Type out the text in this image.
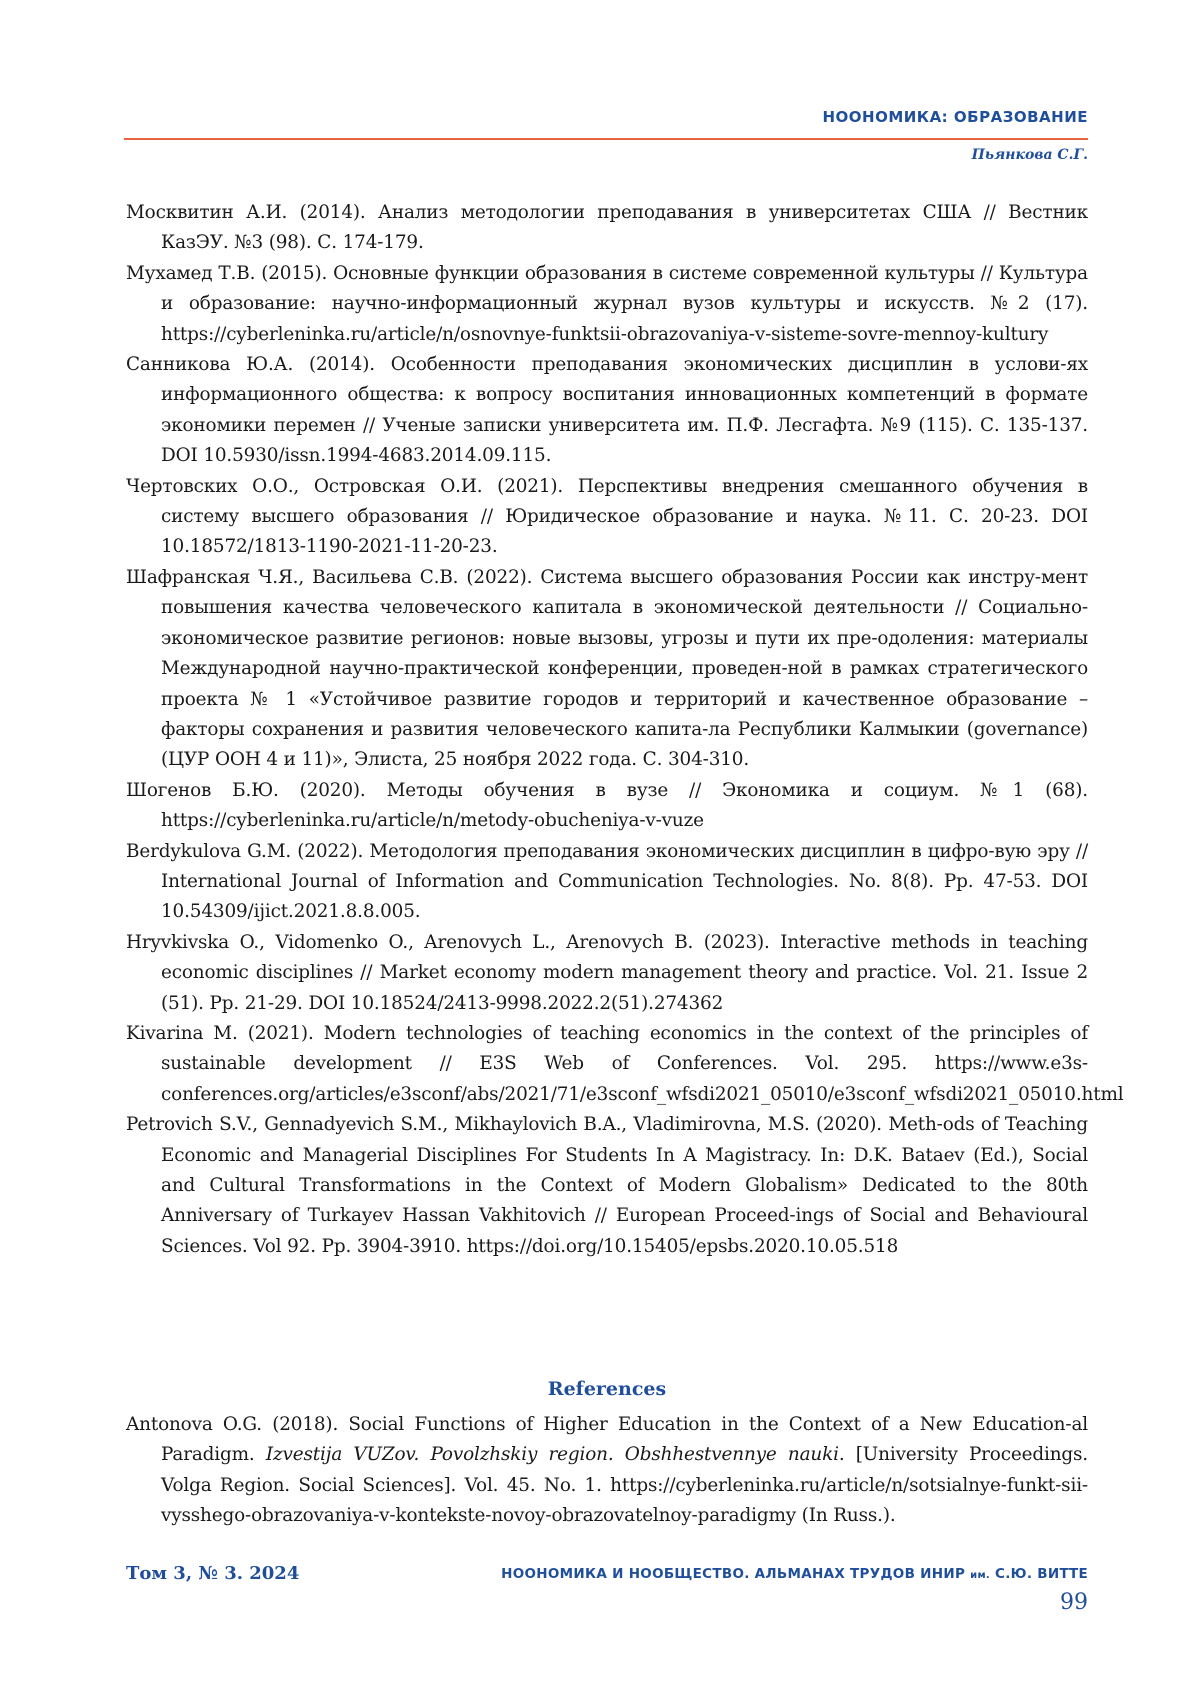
НООНОМИКА: ОБРАЗОВАНИЕ
Пьянкова С.Г.
Москвитин А.И. (2014). Анализ методологии преподавания в университетах США // Вестник КазЭУ. №3 (98). С. 174-179.
Мухамед Т.В. (2015). Основные функции образования в системе современной культуры // Культура и образование: научно-информационный журнал вузов культуры и искусств. №2 (17). https://cyberleninka.ru/article/n/osnovnye-funktsii-obrazovaniya-v-sisteme-sovre-mennoy-kultury
Санникова Ю.А. (2014). Особенности преподавания экономических дисциплин в услови-ях информационного общества: к вопросу воспитания инновационных компетенций в формате экономики перемен // Ученые записки университета им. П.Ф. Лесгафта. №9 (115). С. 135-137. DOI 10.5930/issn.1994-4683.2014.09.115.
Чертовских О.О., Островская О.И. (2021). Перспективы внедрения смешанного обучения в систему высшего образования // Юридическое образование и наука. №11. С. 20-23. DOI 10.18572/1813-1190-2021-11-20-23.
Шафранская Ч.Я., Васильева С.В. (2022). Система высшего образования России как инстру-мент повышения качества человеческого капитала в экономической деятельности // Социально-экономическое развитие регионов: новые вызовы, угрозы и пути их пре-одоления: материалы Международной научно-практической конференции, проведен-ной в рамках стратегического проекта № 1 «Устойчивое развитие городов и территорий и качественное образование – факторы сохранения и развития человеческого капита-ла Республики Калмыкии (governance) (ЦУР ООН 4 и 11)», Элиста, 25 ноября 2022 года. С. 304-310.
Шогенов Б.Ю. (2020). Методы обучения в вузе // Экономика и социум. №1 (68). https://cyberleninka.ru/article/n/metody-obucheniya-v-vuze
Berdykulova G.M. (2022). Методология преподавания экономических дисциплин в цифро-вую эру // International Journal of Information and Communication Technologies. No. 8(8). Pp. 47-53. DOI 10.54309/ijict.2021.8.8.005.
Hryvkivska O., Vidomenko O., Arenovych L., Arenovych B. (2023). Interactive methods in teaching economic disciplines // Market economy modern management theory and practice. Vol. 21. Issue 2 (51). Pp. 21-29. DOI 10.18524/2413-9998.2022.2(51).274362
Kivarina M. (2021). Modern technologies of teaching economics in the context of the principles of sustainable development // E3S Web of Conferences. Vol. 295. https://www.e3s-conferences.org/articles/e3sconf/abs/2021/71/e3sconf_wfsdi2021_05010/e3sconf_wfsdi2021_05010.html
Petrovich S.V., Gennadyevich S.M., Mikhaylovich B.A., Vladimirovna, M.S. (2020). Meth-ods of Teaching Economic and Managerial Disciplines For Students In A Magistracy. In: D.K. Bataev (Ed.), Social and Cultural Transformations in the Context of Modern Globalism» Dedicated to the 80th Anniversary of Turkayev Hassan Vakhitovich // European Proceed-ings of Social and Behavioural Sciences. Vol 92. Pp. 3904-3910. https://doi.org/10.15405/epsbs.2020.10.05.518
References
Antonova O.G. (2018). Social Functions of Higher Education in the Context of a New Education-al Paradigm. Izvestija VUZov. Povolzhskiy region. Obshhestvennye nauki. [University Proceedings. Volga Region. Social Sciences]. Vol. 45. No. 1. https://cyberleninka.ru/article/n/sotsialnye-funkt-sii-vysshego-obrazovaniya-v-kontekste-novoy-obrazovatelnoy-paradigmy (In Russ.).
Том 3, № 3. 2024	НООНОМИКА И НООБЩЕСТВО. АЛЬМАНАХ ТРУДОВ ИНИР им. С.Ю. ВИТТЕ
99
